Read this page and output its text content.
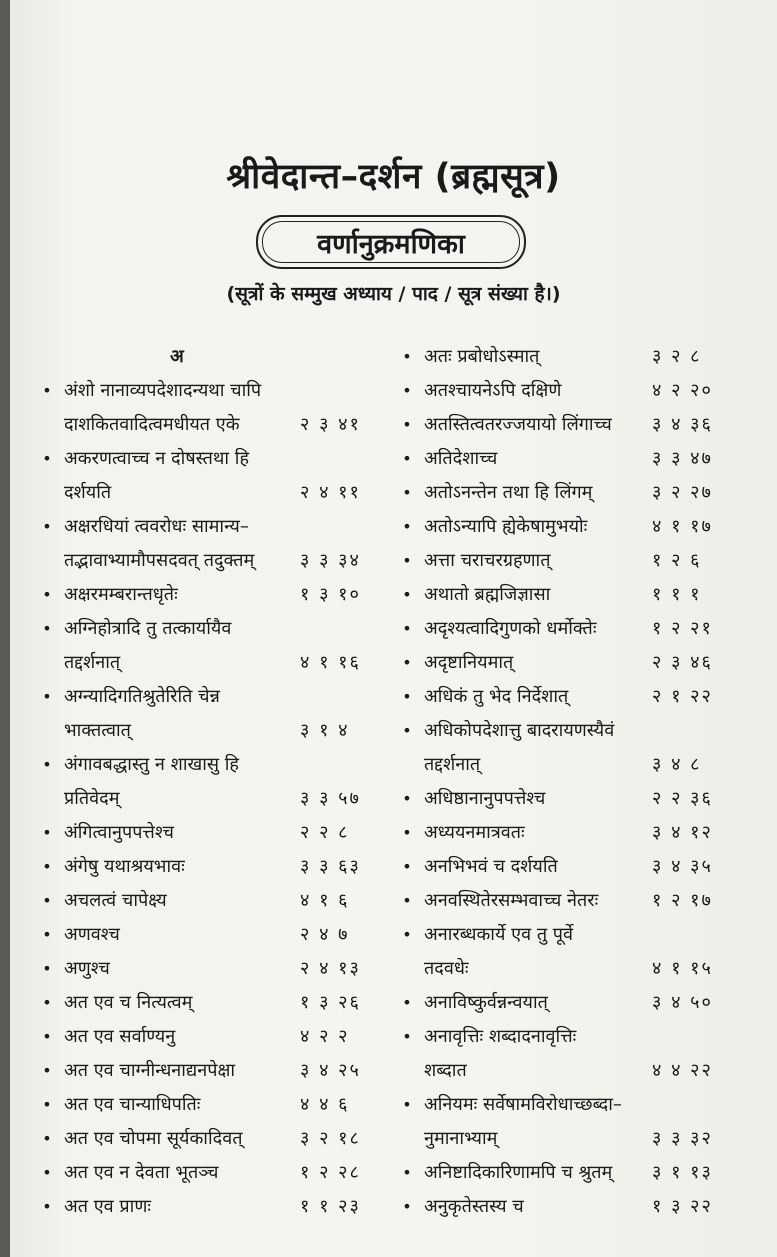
श्रीवेदान्त–दर्शन (ब्रह्मसूत्र)
वर्णानुक्रमणिका
(सूत्रों के सम्मुख अध्याय / पाद / सूत्र संख्या है।)
अ
• अंशो नानाव्यपदेशादन्यथा चापि
दाशकितवादित्वमधीयत एके	२ ३ ४१
• अकरणत्वाच्च न दोषस्तथा हि
दर्शयति	२ ४ ११
• अक्षरधियां त्ववरोधः सामान्य–
तद्भावाभ्यामौपसदवत् तदुक्तम्	३ ३ ३४
• अक्षरमम्बरान्तधृतेः	१ ३ १०
• अग्निहोत्रादि तु तत्कार्यायैव
तद्दर्शनात्	४ १ १६
• अग्न्यादिगतिश्रुतेरिति चेन्न
भाक्तत्वात्	३ १ ४
• अंगावबद्धास्तु न शाखासु हि
प्रतिवेदम्	३ ३ ५७
• अंगित्वानुपपत्तेश्च	२ २ ८
• अंगेषु यथाश्रयभावः	३ ३ ६३
• अचलत्वं चापेक्ष्य	४ १ ६
• अणवश्च	२ ४ ७
• अणुश्च	२ ४ १३
• अत एव च नित्यत्वम्	१ ३ २६
• अत एव सर्वाण्यनु	४ २ २
• अत एव चाग्नीन्धनाद्यनपेक्षा	३ ४ २५
• अत एव चान्याधिपतिः	४ ४ ६
• अत एव चोपमा सूर्यकादिवत्	३ २ १८
• अत एव न देवता भूतञ्च	१ २ २८
• अत एव प्राणः	१ १ २३
• अतः प्रबोधोऽस्मात्	३ २ ८
• अतश्चायनेऽपि दक्षिणे	४ २ २०
• अतस्तित्वतरज्जयायो लिंगाच्च ३ ४ ३६
• अतिदेशाच्च	३ ३ ४७
• अतोऽनन्तेन तथा हि लिंगम्	३ २ २७
• अतोऽन्यापि ह्येकेषामुभयोः	४ १ १७
• अत्ता चराचरग्रहणात्	१ २ ६
• अथातो ब्रह्मजिज्ञासा	१ १ १
• अदृश्यत्वादिगुणको धर्मोक्तेः	१ २ २१
• अदृष्टानियमात्	२ ३ ४६
• अधिकं तु भेद निर्देशात्	२ १ २२
• अधिकोपदेशात्तु बादरायणस्यैवं
तद्दर्शनात्	३ ४ ८
• अधिष्ठानानुपपत्तेश्च	२ २ ३६
• अध्ययनमात्रवतः	३ ४ १२
• अनभिभवं च दर्शयति	३ ४ ३५
• अनवस्थितेरसम्भवाच्च नेतरः	१ २ १७
• अनारब्धकार्ये एव तु पूर्वे
तदवधेः	४ १ १५
• अनाविष्कुर्वन्नन्वयात्	३ ४ ५०
• अनावृत्तिः शब्दादनावृत्तिः
शब्दात	४ ४ २२
• अनियमः सर्वेषामविरोधाच्छब्दा–
नुमानाभ्याम्	३ ३ ३२
• अनिष्टादिकारिणामपि च श्रुतम् ३ १ १३
• अनुकृतेस्तस्य च	१ ३ २२
